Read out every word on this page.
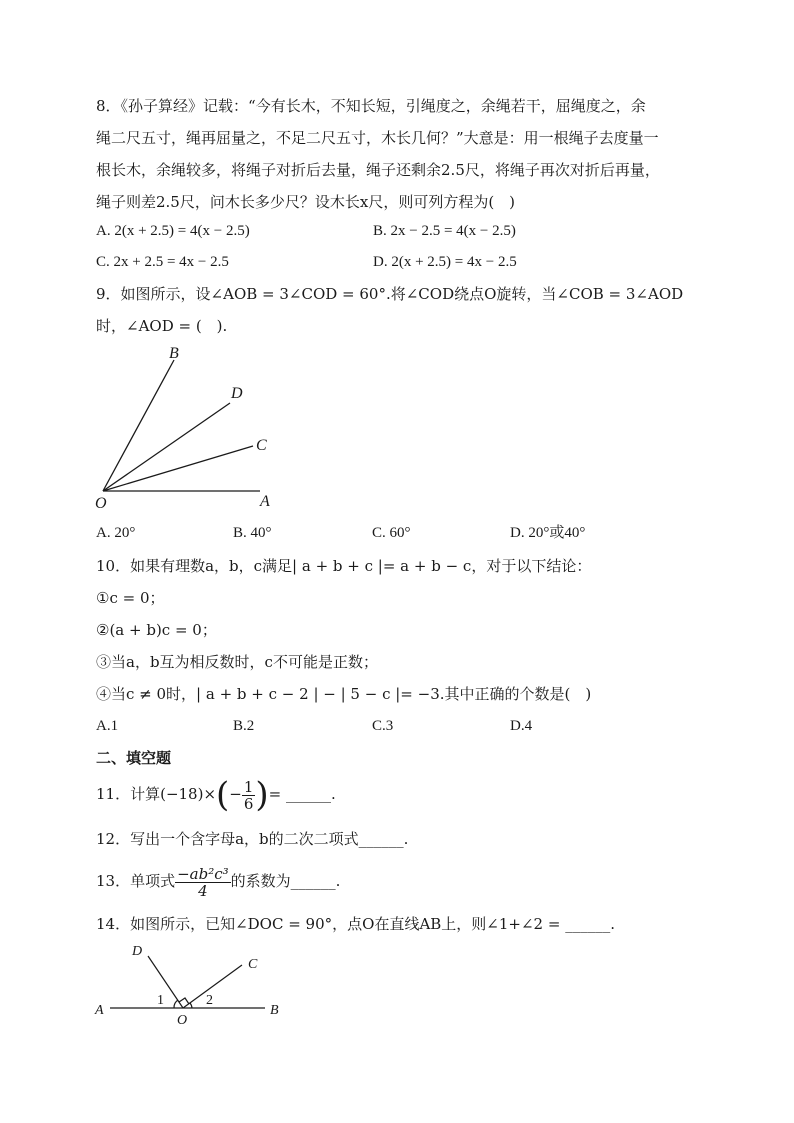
8．《孙子算经》记载：“今有长木，不知长短，引绳度之，余绳若干，屈绳度之，余
绳二尺五寸，绳再屈量之，不足二尺五寸，木长几何？”大意是：用一根绳子去度量一
根长木，余绳较多，将绳子对折后去量，绳子还剩余2.5尺，将绳子再次对折后再量，
绳子则差2.5尺，问木长多少尺？设木长x尺，则可列方程为(　)
A. 2(x + 2.5) = 4(x − 2.5)	B. 2x − 2.5 = 4(x − 2.5)
C. 2x + 2.5 = 4x − 2.5	D. 2(x + 2.5) = 4x − 2.5
9．如图所示，设∠AOB = 3∠COD = 60°.将∠COD绕点O旋转，当∠COB = 3∠AOD
时，∠AOD = (　).
B
D
C
O	A
A. 20°	B. 40°	C. 60°	D. 20°或40°
10．如果有理数a，b，c满足| a + b + c |= a + b − c，对于以下结论：
①c = 0；
②(a + b)c = 0；
③当a，b互为相反数时，c不可能是正数；
④当c ≠ 0时，| a + b + c − 2 | − | 5 − c |= −3.其中正确的个数是(　)
A.1	B.2	C.3	D.4
二、填空题
11．计算$(-18)\times(- \frac{1}{6}$ )= ______.
12．写出一个含字母a，b的二次二项式______.
13．单项式 $\frac{\text{−ab²c³}}{4}$ 的系数为______.
14．如图所示，已知∠DOC = 90°，点O在直线AB上，则∠1+∠2 = ______.
D
C
A
1	2
O
B
